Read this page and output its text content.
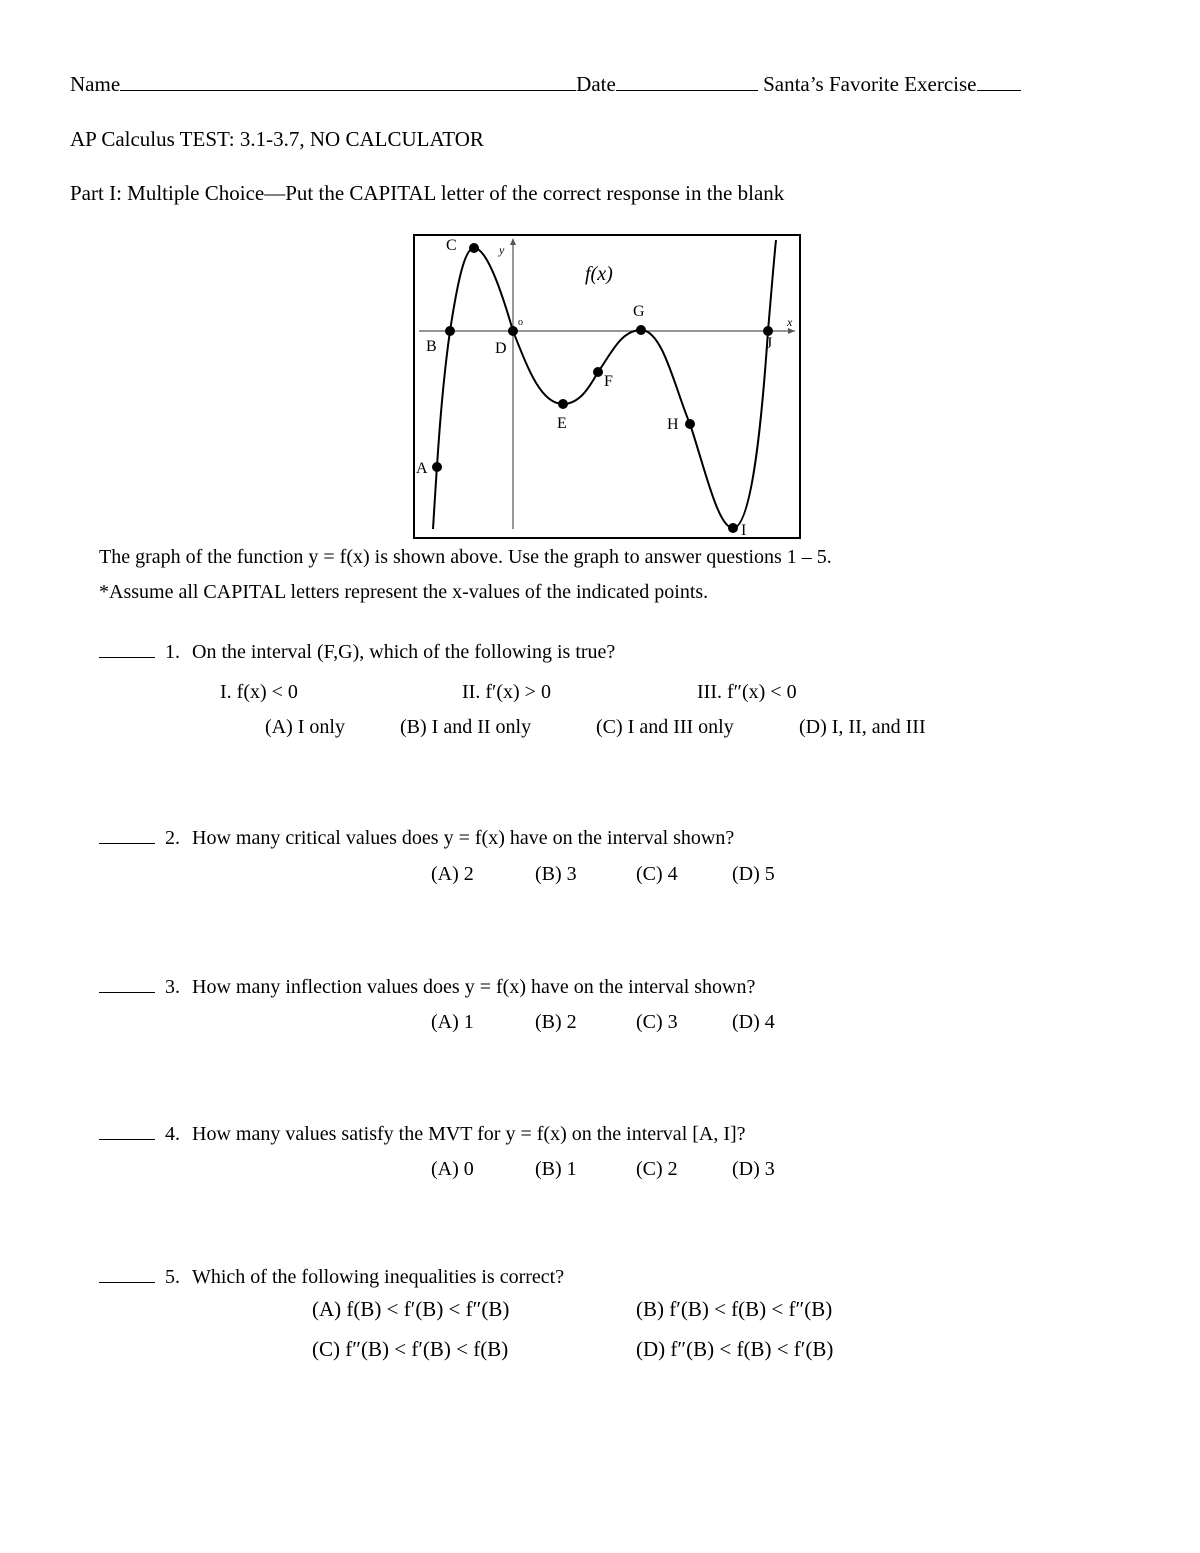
Name	Date	Santa’s Favorite Exercise
AP Calculus TEST: 3.1-3.7, NO CALCULATOR
Part I: Multiple Choice—Put the CAPITAL letter of the correct response in the blank
y
x
o
f(x)
A
B
C
D
E
F
G
H
I
J
The graph of the function y = f(x) is shown above. Use the graph to answer questions 1 – 5.
*Assume all CAPITAL letters represent the x-values of the indicated points.
1. On the interval (F,G), which of the following is true?
I. f(x) < 0	II. f′(x) > 0	III. f″(x) < 0
(A) I only	(B) I and II only	(C) I and III only	(D) I, II, and III
2. How many critical values does y = f(x) have on the interval shown?
(A) 2	(B) 3	(C) 4	(D) 5
3. How many inflection values does y = f(x) have on the interval shown?
(A) 1	(B) 2	(C) 3	(D) 4
4. How many values satisfy the MVT for y = f(x) on the interval [A, I]?
(A) 0	(B) 1	(C) 2	(D) 3
5. Which of the following inequalities is correct?
(A) f(B) < f′(B) < f″(B)	(B) f′(B) < f(B) < f″(B)
(C) f″(B) < f′(B) < f(B)	(D) f″(B) < f(B) < f′(B)
